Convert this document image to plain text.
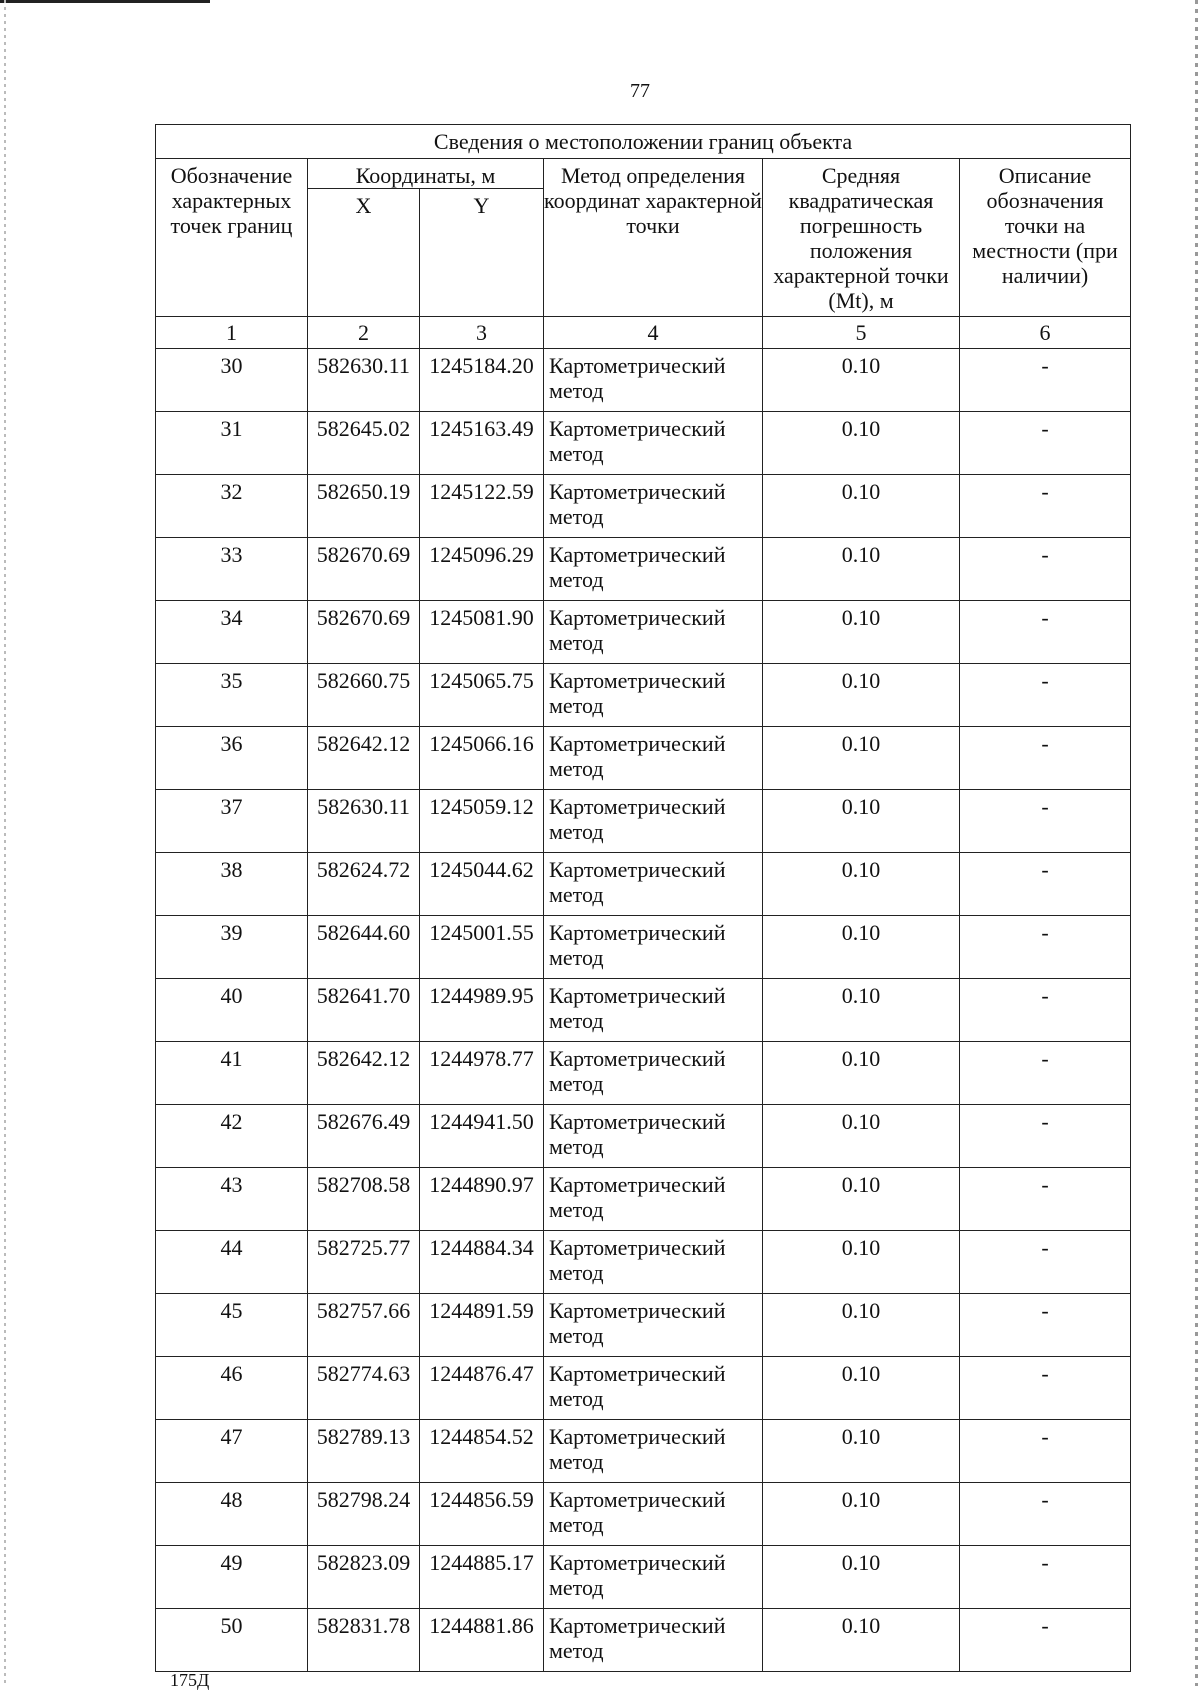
77
Сведения о местоположении границ объекта					
Обозначение характерных точек границ	Координаты, м		Метод определения координат характерной точки	Средняя квадратическая погрешность положения характерной точки (Mt), м	Описание обозначения точки на местности (при наличии)
	X	Y			
1	2	3	4	5	6
30	582630.11	1245184.20	Картометрический метод	0.10	-
31	582645.02	1245163.49	Картометрический метод	0.10	-
32	582650.19	1245122.59	Картометрический метод	0.10	-
33	582670.69	1245096.29	Картометрический метод	0.10	-
34	582670.69	1245081.90	Картометрический метод	0.10	-
35	582660.75	1245065.75	Картометрический метод	0.10	-
36	582642.12	1245066.16	Картометрический метод	0.10	-
37	582630.11	1245059.12	Картометрический метод	0.10	-
38	582624.72	1245044.62	Картометрический метод	0.10	-
39	582644.60	1245001.55	Картометрический метод	0.10	-
40	582641.70	1244989.95	Картометрический метод	0.10	-
41	582642.12	1244978.77	Картометрический метод	0.10	-
42	582676.49	1244941.50	Картометрический метод	0.10	-
43	582708.58	1244890.97	Картометрический метод	0.10	-
44	582725.77	1244884.34	Картометрический метод	0.10	-
45	582757.66	1244891.59	Картометрический метод	0.10	-
46	582774.63	1244876.47	Картометрический метод	0.10	-
47	582789.13	1244854.52	Картометрический метод	0.10	-
48	582798.24	1244856.59	Картометрический метод	0.10	-
49	582823.09	1244885.17	Картометрический метод	0.10	-
50	582831.78	1244881.86	Картометрический метод	0.10	-
175Д
